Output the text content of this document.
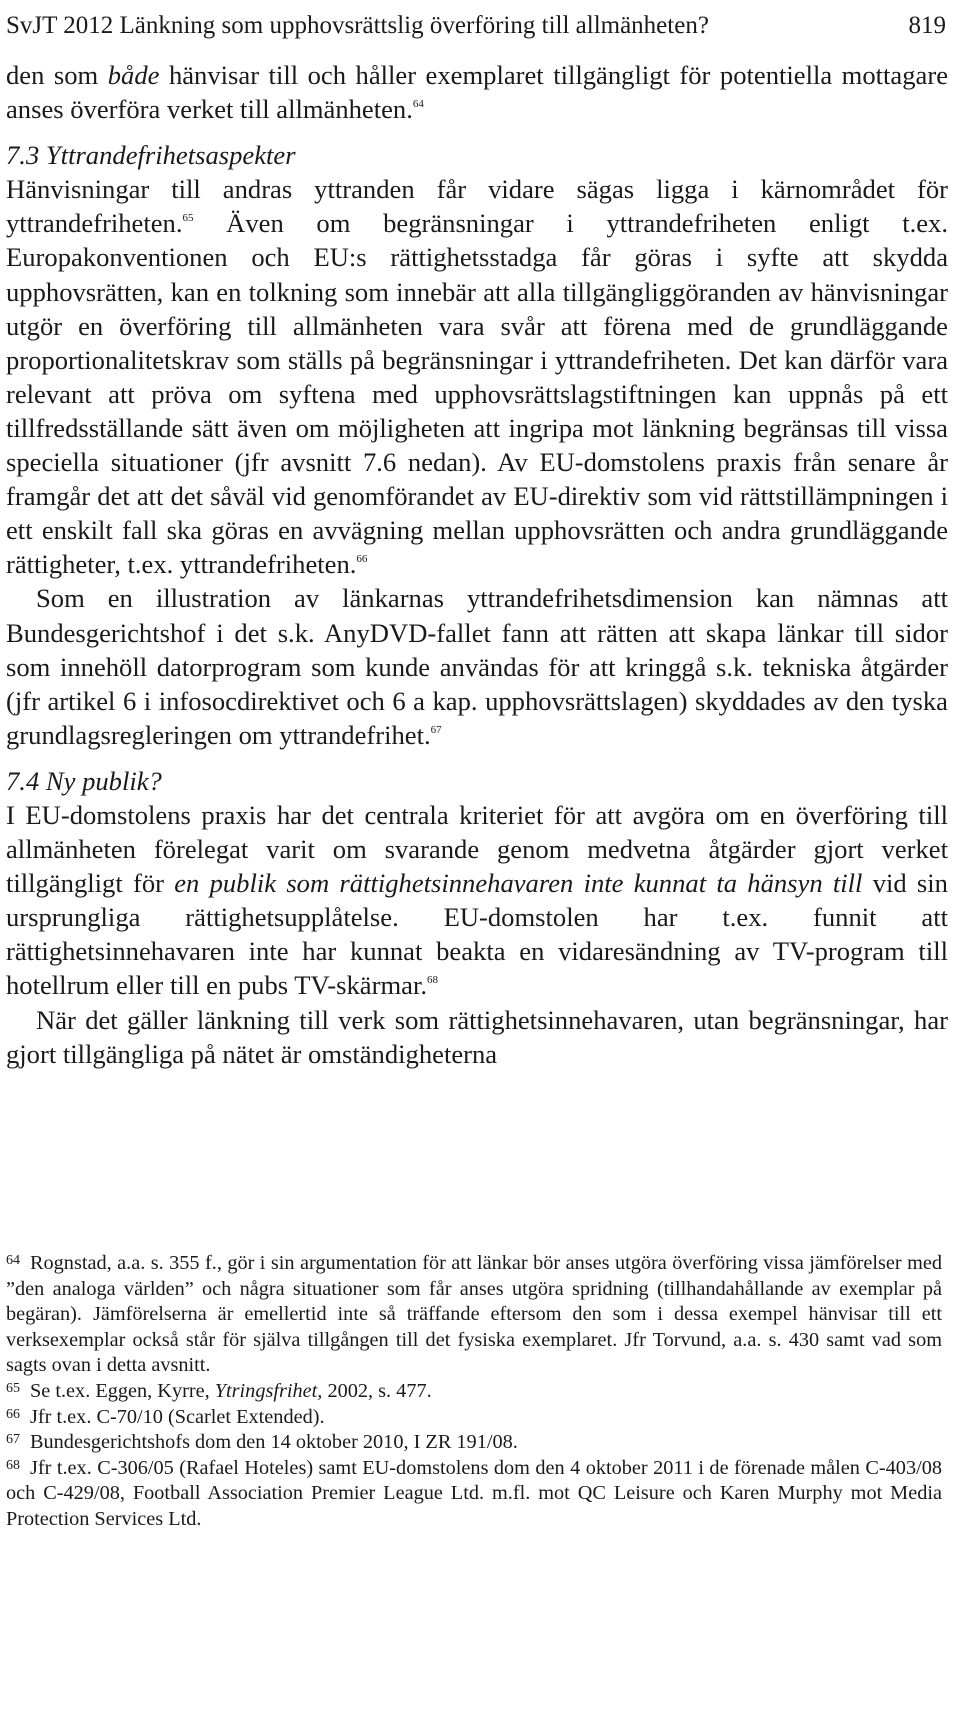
SvJT 2012 Länkning som upphovsrättslig överföring till allmänheten?	819

den som både hänvisar till och håller exemplaret tillgängligt för potentiella mottagare anses överföra verket till allmänheten.$^{64}$

7.3 Yttrandefrihetsaspekter

Hänvisningar till andras yttranden får vidare sägas ligga i kärnområdet för yttrandefriheten.$^{65}$ Även om begränsningar i yttrandefriheten enligt t.ex. Europakonventionen och EU:s rättighetsstadga får göras i syfte att skydda upphovsrätten, kan en tolkning som innebär att alla tillgängliggöranden av hänvisningar utgör en överföring till allmänheten vara svår att förena med de grundläggande proportionalitetskrav som ställs på begränsningar i yttrandefriheten. Det kan därför vara relevant att pröva om syftena med upphovsrättslagstiftningen kan uppnås på ett tillfredsställande sätt även om möjligheten att ingripa mot länkning begränsas till vissa speciella situationer (jfr avsnitt 7.6 nedan). Av EU-domstolens praxis från senare år framgår det att det såväl vid genomförandet av EU-direktiv som vid rättstillämpningen i ett enskilt fall ska göras en avvägning mellan upphovsrätten och andra grundläggande rättigheter, t.ex. yttrandefriheten.$^{66}$

Som en illustration av länkarnas yttrandefrihetsdimension kan nämnas att Bundesgerichtshof i det s.k. AnyDVD-fallet fann att rätten att skapa länkar till sidor som innehöll datorprogram som kunde användas för att kringgå s.k. tekniska åtgärder (jfr artikel 6 i infosocdirektivet och 6 a kap. upphovsrättslagen) skyddades av den tyska grundlagsregleringen om yttrandefrihet.$^{67}$

7.4 Ny publik?

I EU-domstolens praxis har det centrala kriteriet för att avgöra om en överföring till allmänheten förelegat varit om svarande genom medvetna åtgärder gjort verket tillgängligt för en publik som rättighetsinnehavaren inte kunnat ta hänsyn till vid sin ursprungliga rättighetsupplåtelse. EU-domstolen har t.ex. funnit att rättighetsinnehavaren inte har kunnat beakta en vidaresändning av TV-program till hotellrum eller till en pubs TV-skärmar.$^{68}$

När det gäller länkning till verk som rättighetsinnehavaren, utan begränsningar, har gjort tillgängliga på nätet är omständigheterna

$^{64}$ Rognstad, a.a. s. 355 f., gör i sin argumentation för att länkar bör anses utgöra överföring vissa jämförelser med ”den analoga världen” och några situationer som får anses utgöra spridning (tillhandahållande av exemplar på begäran). Jämförelserna är emellertid inte så träffande eftersom den som i dessa exempel hänvisar till ett verksexemplar också står för själva tillgången till det fysiska exemplaret. Jfr Torvund, a.a. s. 430 samt vad som sagts ovan i detta avsnitt.

$^{65}$ Se t.ex. Eggen, Kyrre, Ytringsfrihet, 2002, s. 477.

$^{66}$ Jfr t.ex. C-70/10 (Scarlet Extended).

$^{67}$ Bundesgerichtshofs dom den 14 oktober 2010, I ZR 191/08.

$^{68}$ Jfr t.ex. C-306/05 (Rafael Hoteles) samt EU-domstolens dom den 4 oktober 2011 i de förenade målen C-403/08 och C-429/08, Football Association Premier League Ltd. m.fl. mot QC Leisure och Karen Murphy mot Media Protection Services Ltd.
